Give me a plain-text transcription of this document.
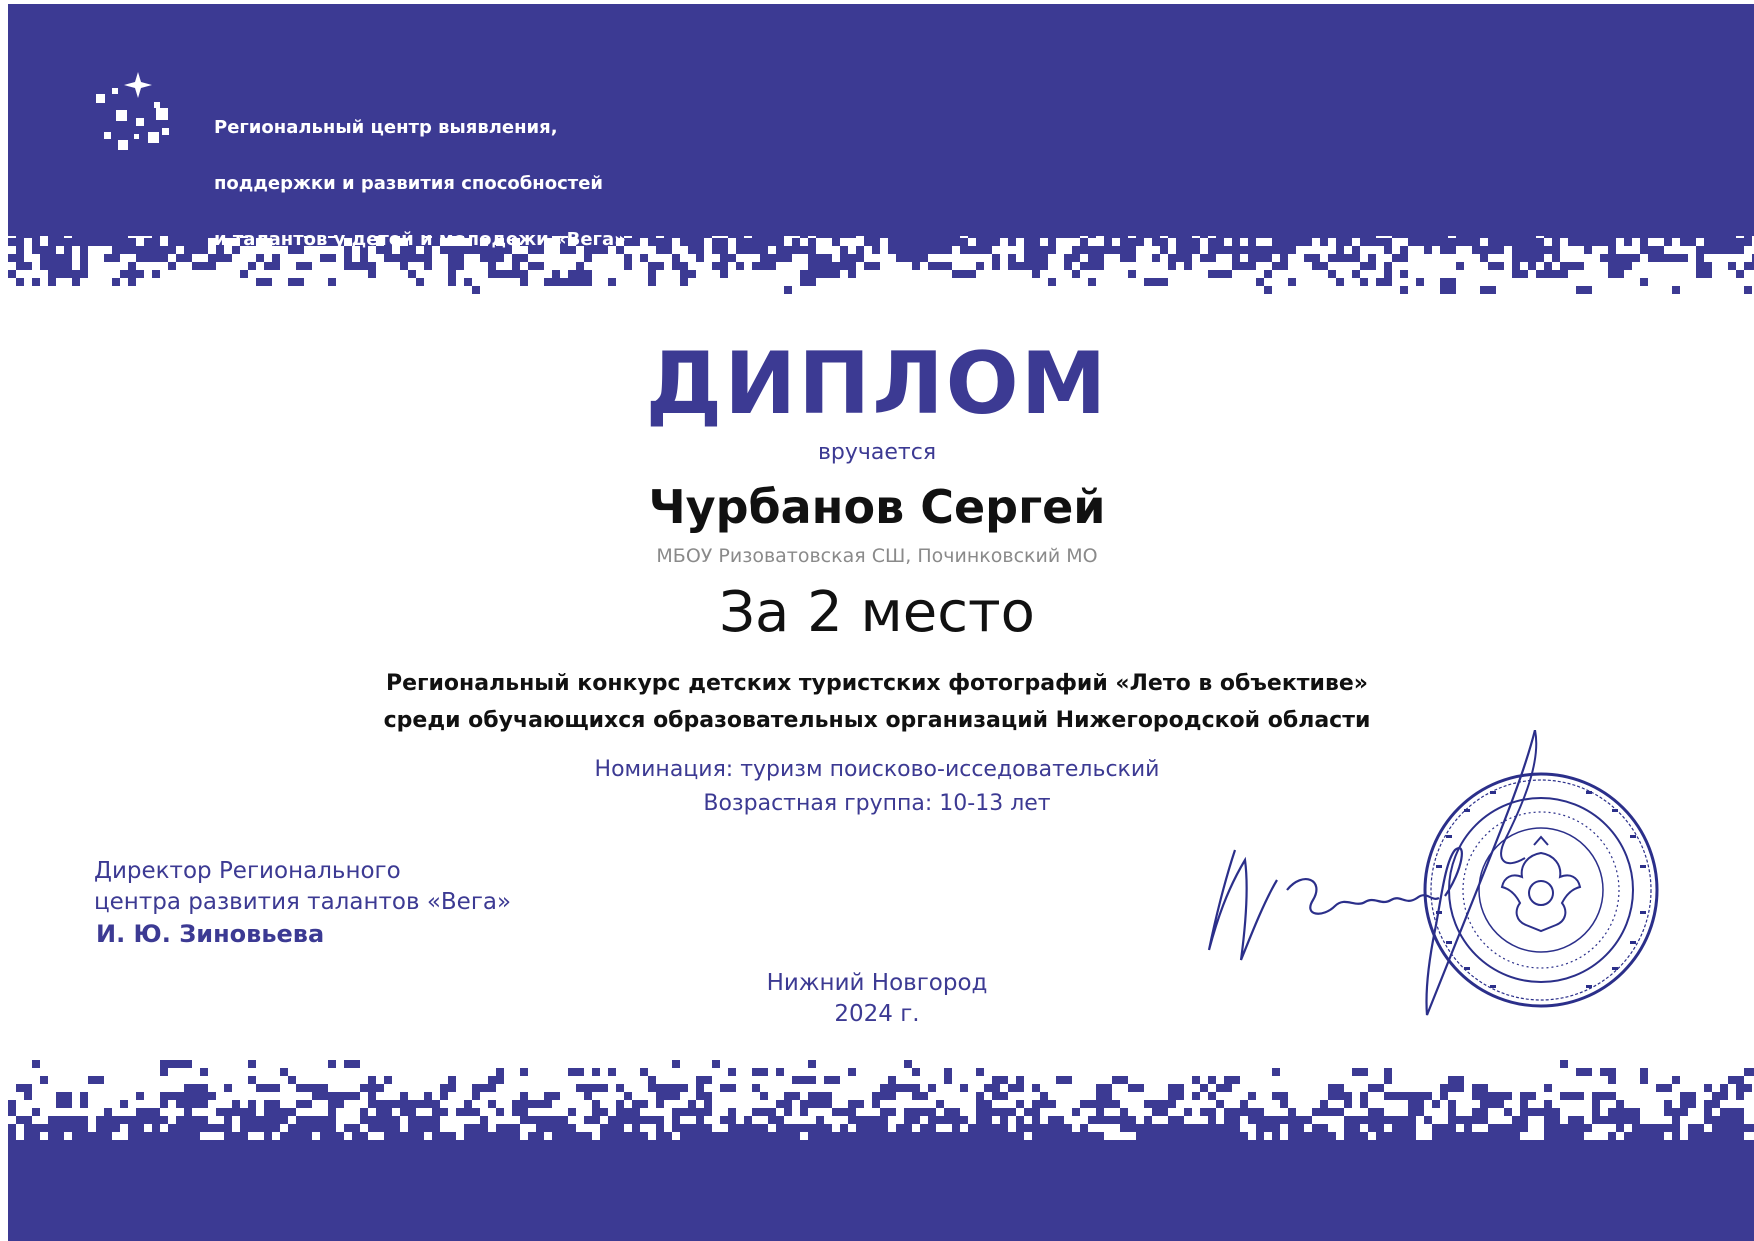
Региональный центр выявления,

поддержки и развития способностей

и талантов у детей и молодежи «Вега»

ДИПЛОМ
вручается
Чурбанов Сергей
МБОУ Ризоватовская СШ, Починковский МО
За 2 место
Региональный конкурс детских туристских фотографий «Лето в объективе»
среди обучающихся образовательных организаций Нижегородской области
Номинация: туризм поисково-исседовательский
Возрастная группа: 10-13 лет
Директор Регионального
центра развития талантов «Вега»
И. Ю. Зиновьева
Нижний Новгород
2024 г.
